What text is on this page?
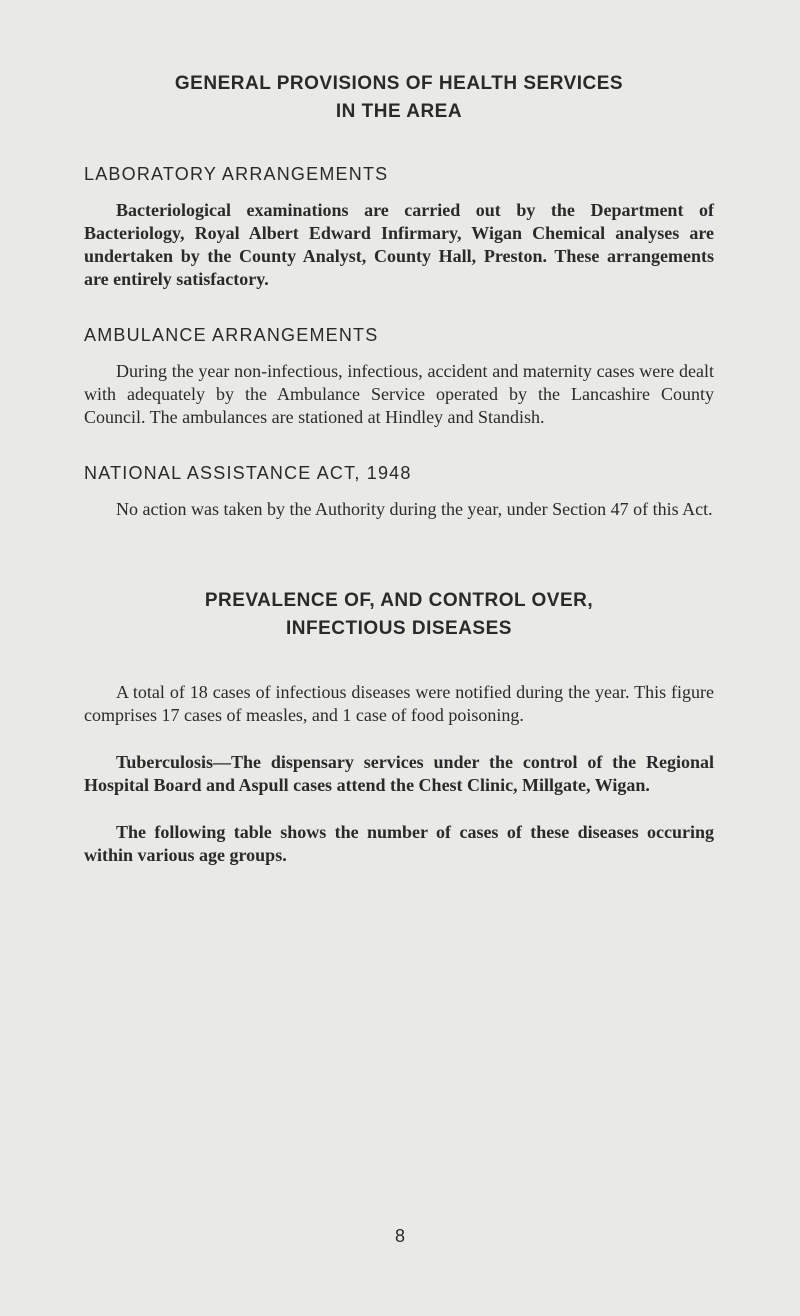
GENERAL PROVISIONS OF HEALTH SERVICES
IN THE AREA
LABORATORY ARRANGEMENTS

Bacteriological examinations are carried out by the Department of Bacteriology, Royal Albert Edward Infirmary, Wigan Chemical analyses are undertaken by the County Analyst, County Hall, Preston. These arrangements are entirely satisfactory.

AMBULANCE ARRANGEMENTS

During the year non-infectious, infectious, accident and maternity cases were dealt with adequately by the Ambulance Service operated by the Lancashire County Council. The ambulances are stationed at Hindley and Standish.

NATIONAL ASSISTANCE ACT, 1948

No action was taken by the Authority during the year, under Section 47 of this Act.

PREVALENCE OF, AND CONTROL OVER,
INFECTIOUS DISEASES

A total of 18 cases of infectious diseases were notified during the year. This figure comprises 17 cases of measles, and 1 case of food poisoning.

Tuberculosis—The dispensary services under the control of the Regional Hospital Board and Aspull cases attend the Chest Clinic, Millgate, Wigan.

The following table shows the number of cases of these diseases occuring within various age groups.

8
